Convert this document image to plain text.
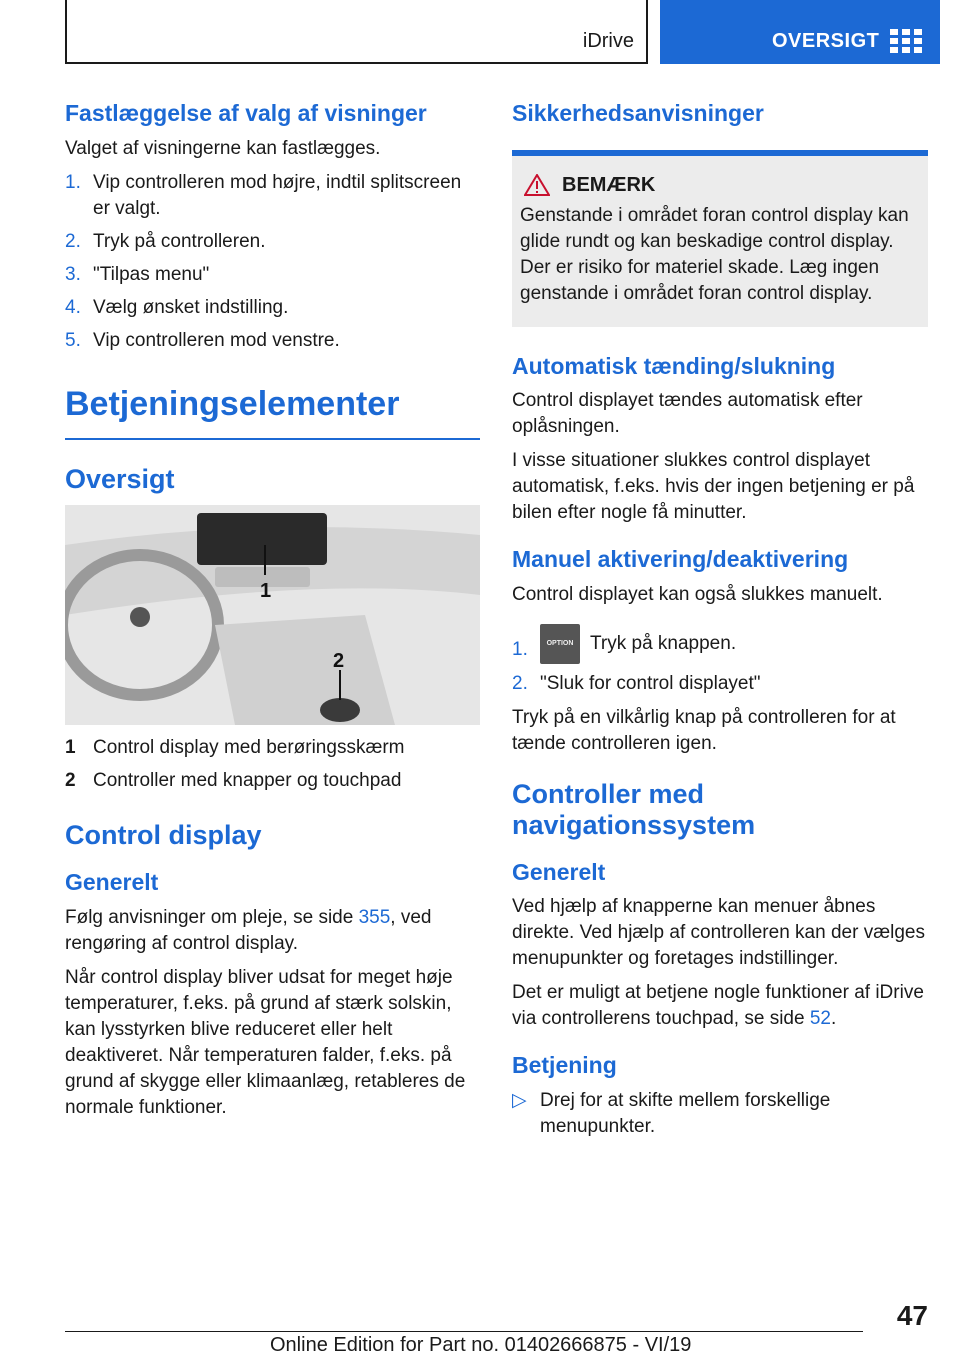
iDrive	OVERSIGT
Fastlæggelse af valg af visninger

Valget af visningerne kan fastlægges.

1. Vip controlleren mod højre, indtil splitscreen er valgt.
2. Tryk på controlleren.
3. "Tilpas menu"
4. Vælg ønsket indstilling.
5. Vip controlleren mod venstre.
Betjeningselementer
Oversigt
1
2
1 Control display med berøringsskærm
2 Controller med knapper og touchpad
Control display
Generelt

Følg anvisninger om pleje, se side 355, ved rengøring af control display.

Når control display bliver udsat for meget høje temperaturer, f.eks. på grund af stærk solskin, kan lysstyrken blive reduceret eller helt deaktiveret. Når temperaturen falder, f.eks. på grund af skygge eller klimaanlæg, retableres de normale funktioner.

Sikkerhedsanvisninger
BEMÆRK

Genstande i området foran control display kan glide rundt og kan beskadige control display. Der er risiko for materiel skade. Læg ingen genstande i området foran control display.

Automatisk tænding/slukning

Control displayet tændes automatisk efter oplåsningen.

I visse situationer slukkes control displayet automatisk, f.eks. hvis der ingen betjening er på bilen efter nogle få minutter.

Manuel aktivering/deaktivering

Control displayet kan også slukkes manuelt.

1.	OPTION Tryk på knappen.
2. "Sluk for control displayet"

Tryk på en vilkårlig knap på controlleren for at tænde controlleren igen.

Controller med navigationssystem
Generelt

Ved hjælp af knapperne kan menuer åbnes direkte. Ved hjælp af controlleren kan der vælges menupunkter og foretages indstillinger.

Det er muligt at betjene nogle funktioner af iDrive via controllerens touchpad, se side 52.

Betjening
▷ Drej for at skifte mellem forskellige menupunkter.
47
Online Edition for Part no. 01402666875 - VI/19
